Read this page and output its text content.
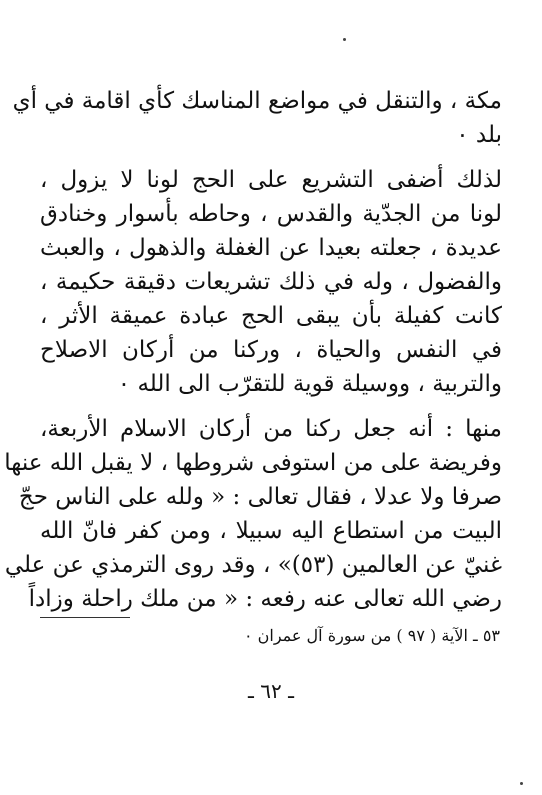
مكة ، والتنقل في مواضع المناسك كأي اقامة في أي
بلد ٠
لذلك أضفى التشريع على الحج لونا لا يزول ،
لونا من الجدّية والقدس ، وحاطه بأسوار وخنادق
عديدة ، جعلته بعيدا عن الغفلة والذهول ، والعبث
والفضول ، وله في ذلك تشريعات دقيقة حكيمة ،
كانت كفيلة بأن يبقى الحج عبادة عميقة الأثر ،
في النفس والحياة ، وركنا من أركان الاصلاح
والتربية ، ووسيلة قوية للتقرّب الى الله ٠
منها : أنه جعل ركنا من أركان الاسلام الأربعة،
وفريضة على من استوفى شروطها ، لا يقبل الله عنها
صرفا ولا عدلا ، فقال تعالى : « ولله على الناس حجّ
البيت من استطاع اليه سبيلا ، ومن كفر فانّ الله
غنيّ عن العالمين (٥٣)» ، وقد روى الترمذي عن علي
رضي الله تعالى عنه رفعه : « من ملك راحلة وزاداً
٥٣ ـ الآية ( ٩٧ ) من سورة آل عمران ٠
ـ ٦٢ ـ
